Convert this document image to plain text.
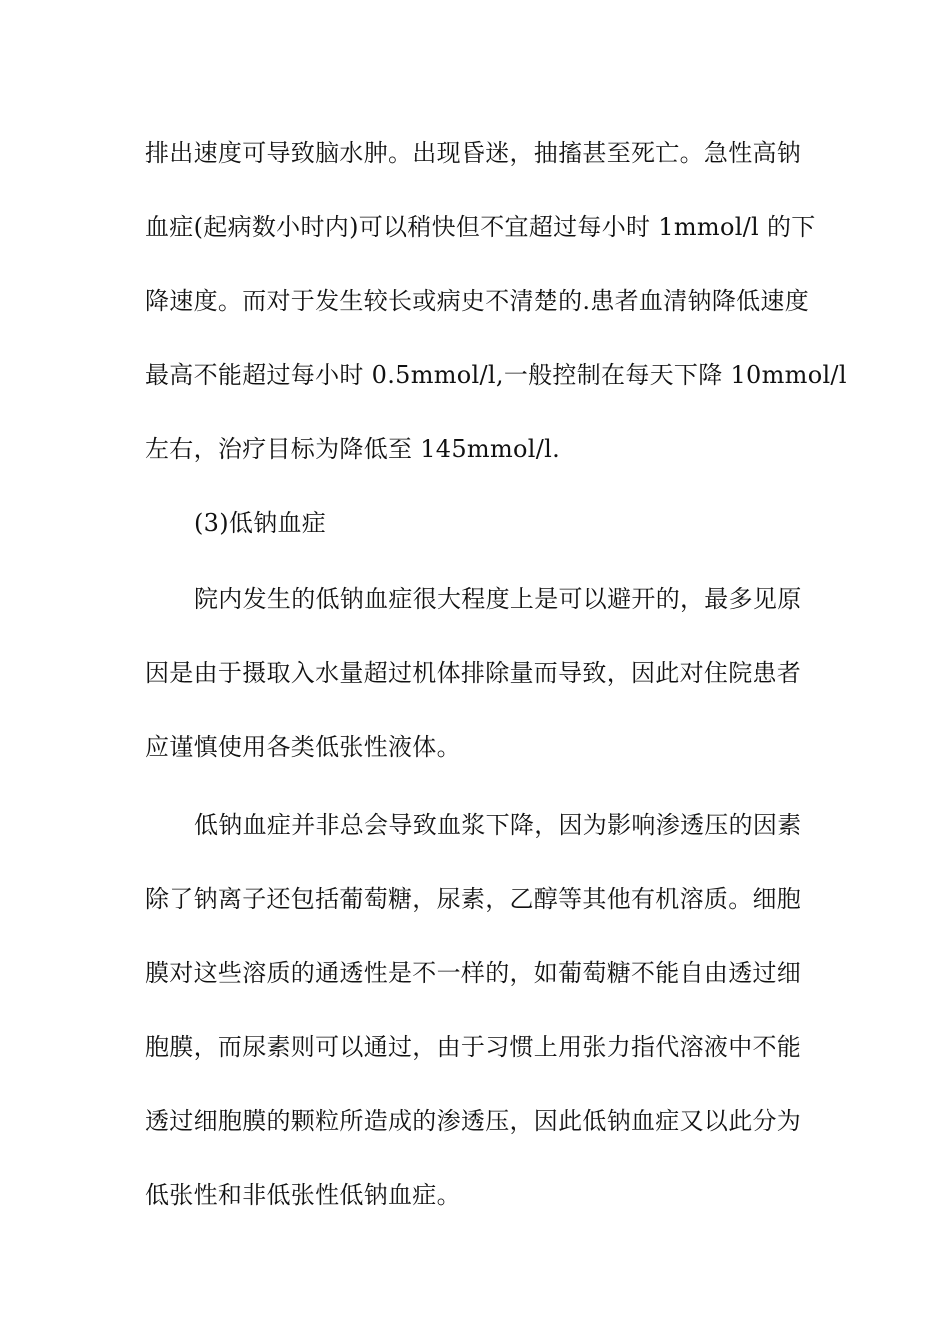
排出速度可导致脑水肿。出现昏迷，抽搐甚至死亡。急性高钠
血症(起病数小时内)可以稍快但不宜超过每小时 1mmol/l 的下
降速度。而对于发生较长或病史不清楚的.患者血清钠降低速度
最高不能超过每小时 0.5mmol/l,一般控制在每天下降 10mmol/l
左右，治疗目标为降低至 145mmol/l.
(3)低钠血症
院内发生的低钠血症很大程度上是可以避开的，最多见原
因是由于摄取入水量超过机体排除量而导致，因此对住院患者
应谨慎使用各类低张性液体。
低钠血症并非总会导致血浆下降，因为影响渗透压的因素
除了钠离子还包括葡萄糖，尿素，乙醇等其他有机溶质。细胞
膜对这些溶质的通透性是不一样的，如葡萄糖不能自由透过细
胞膜，而尿素则可以通过，由于习惯上用张力指代溶液中不能
透过细胞膜的颗粒所造成的渗透压，因此低钠血症又以此分为
低张性和非低张性低钠血症。
